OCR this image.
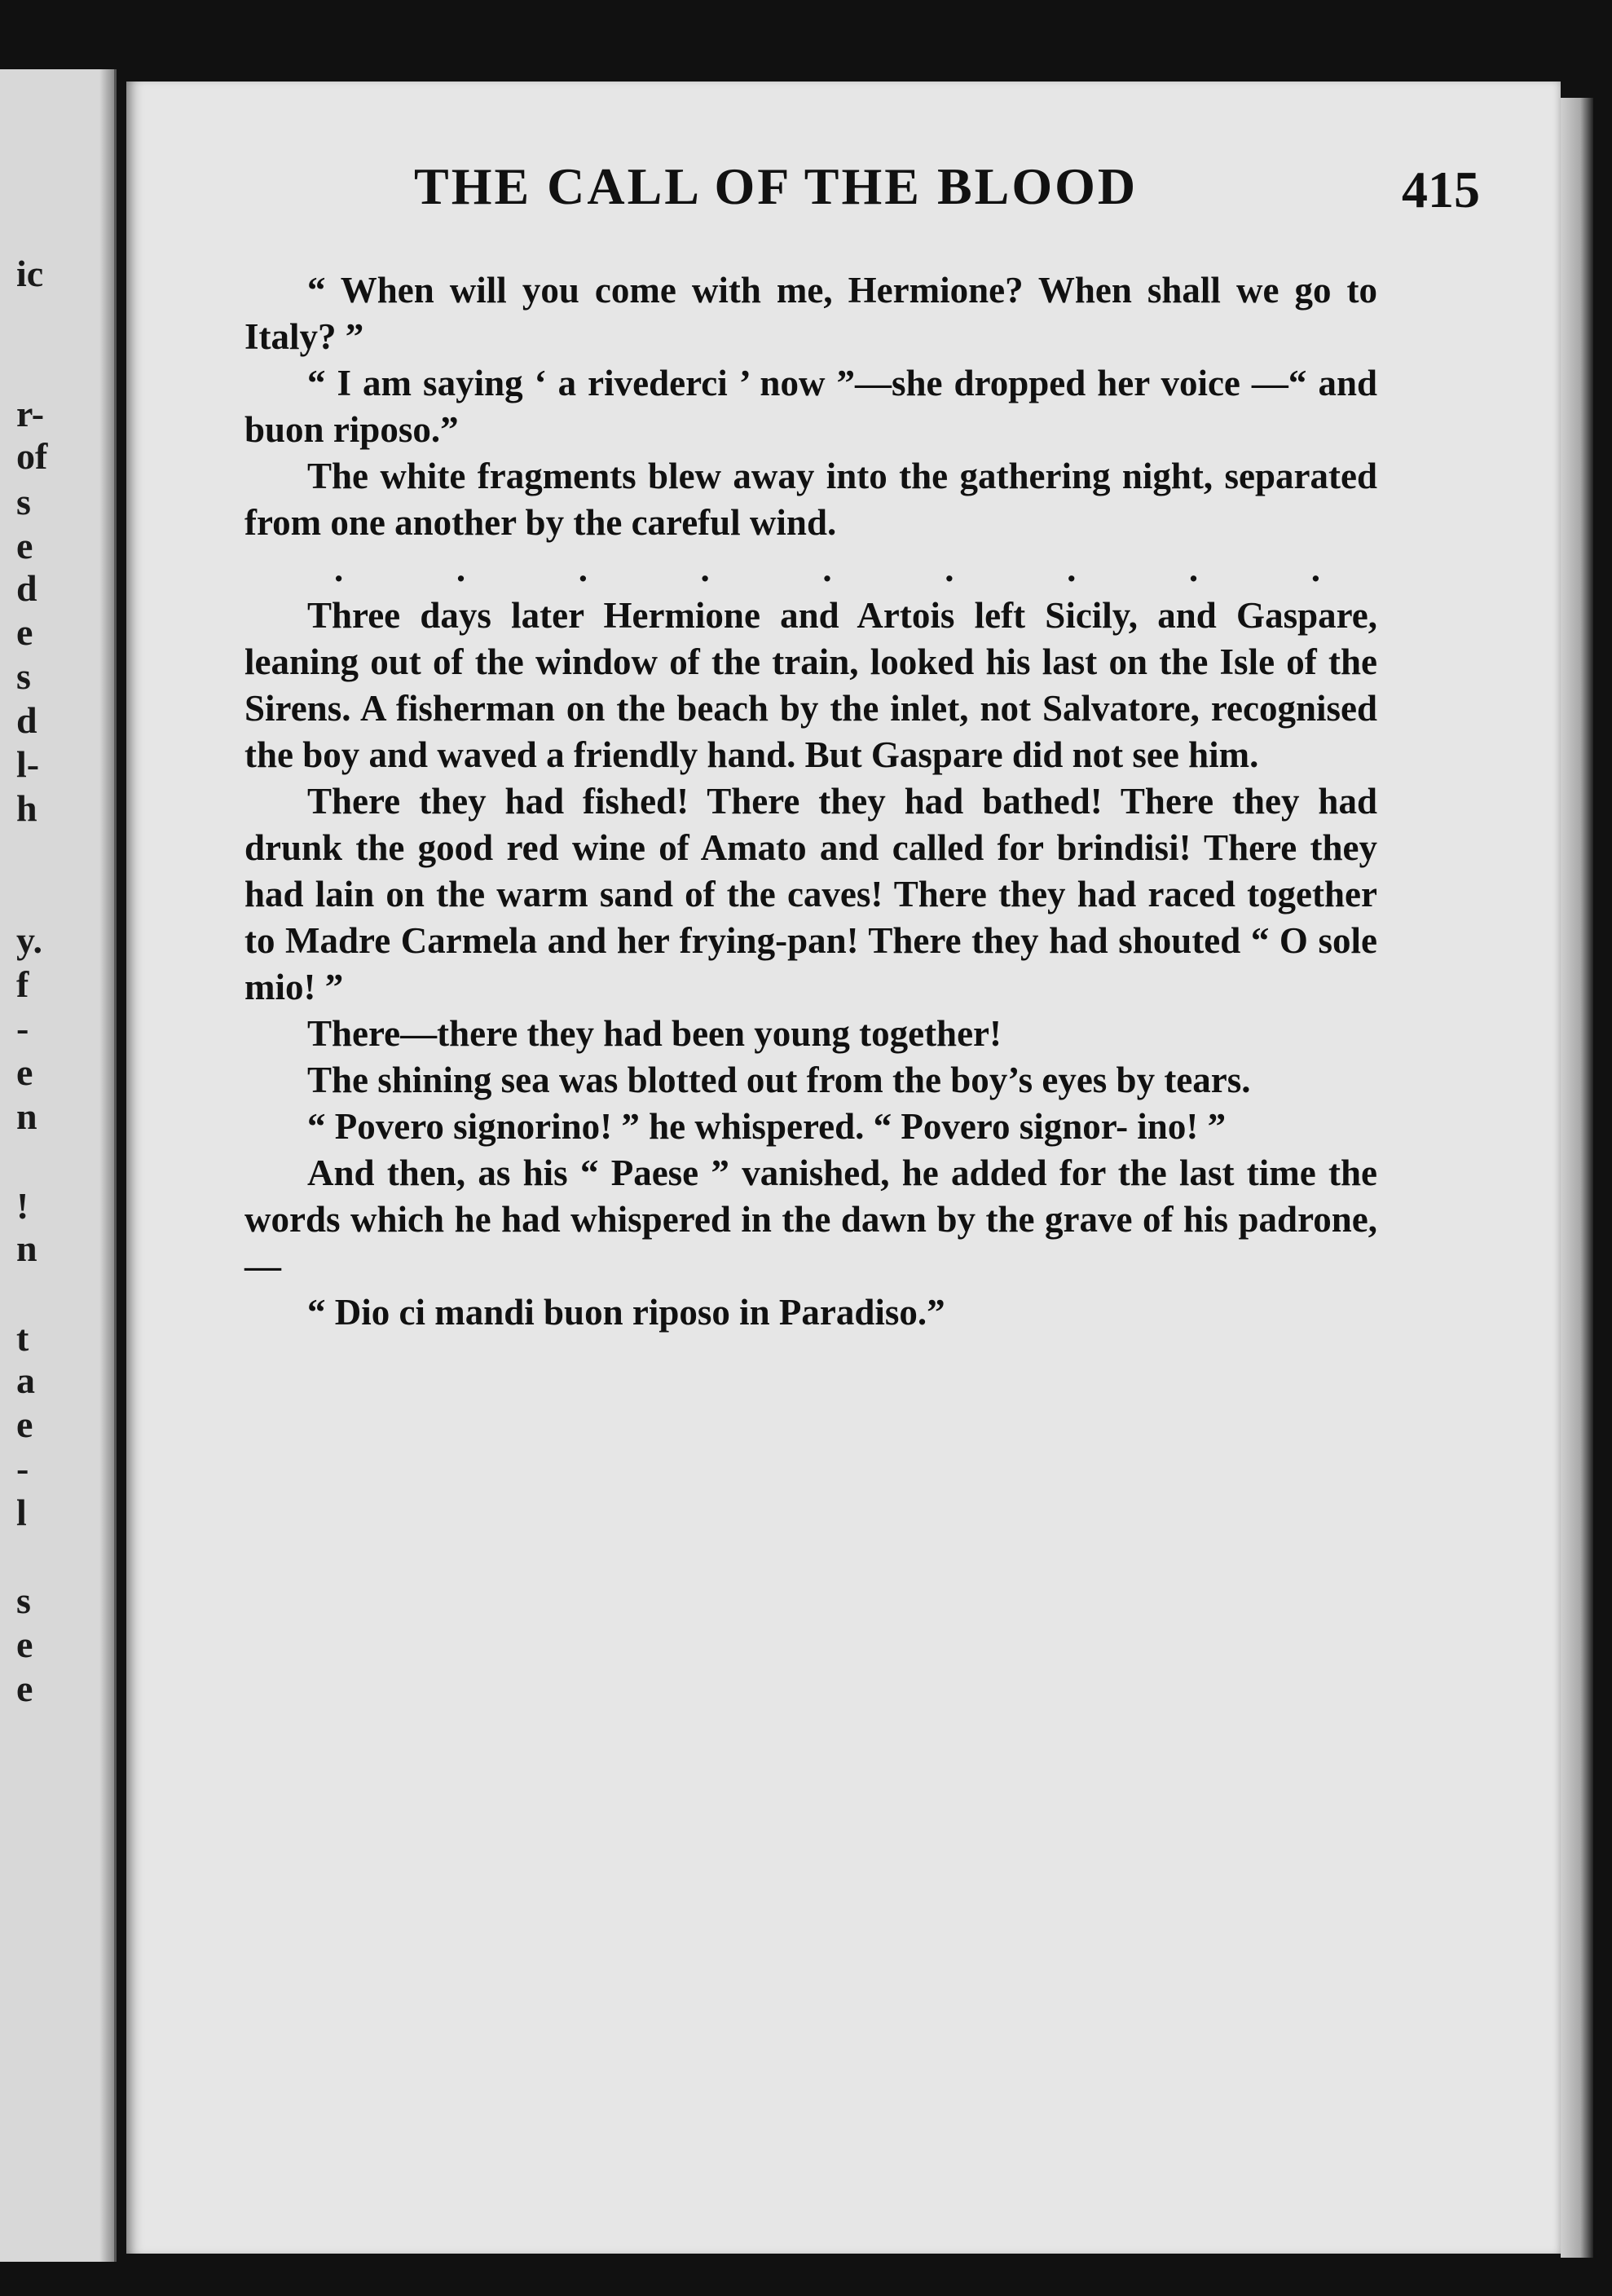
ic
r-
of
s
e
d
e
s
d
l-
h
y.
f
-
e
n
!
n
t
a
e
-
l
s
e
e
THE CALL OF THE BLOOD	415

“ When will you come with me, Hermione? When shall we go to Italy? ”

“ I am saying ‘ a rivederci ’ now ”—she dropped her voice —“ and buon riposo.”

The white fragments blew away into the gathering night, separated from one another by the careful wind.

.	.	.	.	.	.	.	.	.

Three days later Hermione and Artois left Sicily, and Gaspare, leaning out of the window of the train, looked his last on the Isle of the Sirens. A fisherman on the beach by the inlet, not Salvatore, recognised the boy and waved a friendly hand. But Gaspare did not see him.

There they had fished! There they had bathed! There they had drunk the good red wine of Amato and called for brindisi! There they had lain on the warm sand of the caves! There they had raced together to Madre Carmela and her frying-pan! There they had shouted “ O sole mio! ”

There—there they had been young together!

The shining sea was blotted out from the boy’s eyes by tears.

“ Povero signorino! ” he whispered. “ Povero signor- ino! ”

And then, as his “ Paese ” vanished, he added for the last time the words which he had whispered in the dawn by the grave of his padrone,—

“ Dio ci mandi buon riposo in Paradiso.”
